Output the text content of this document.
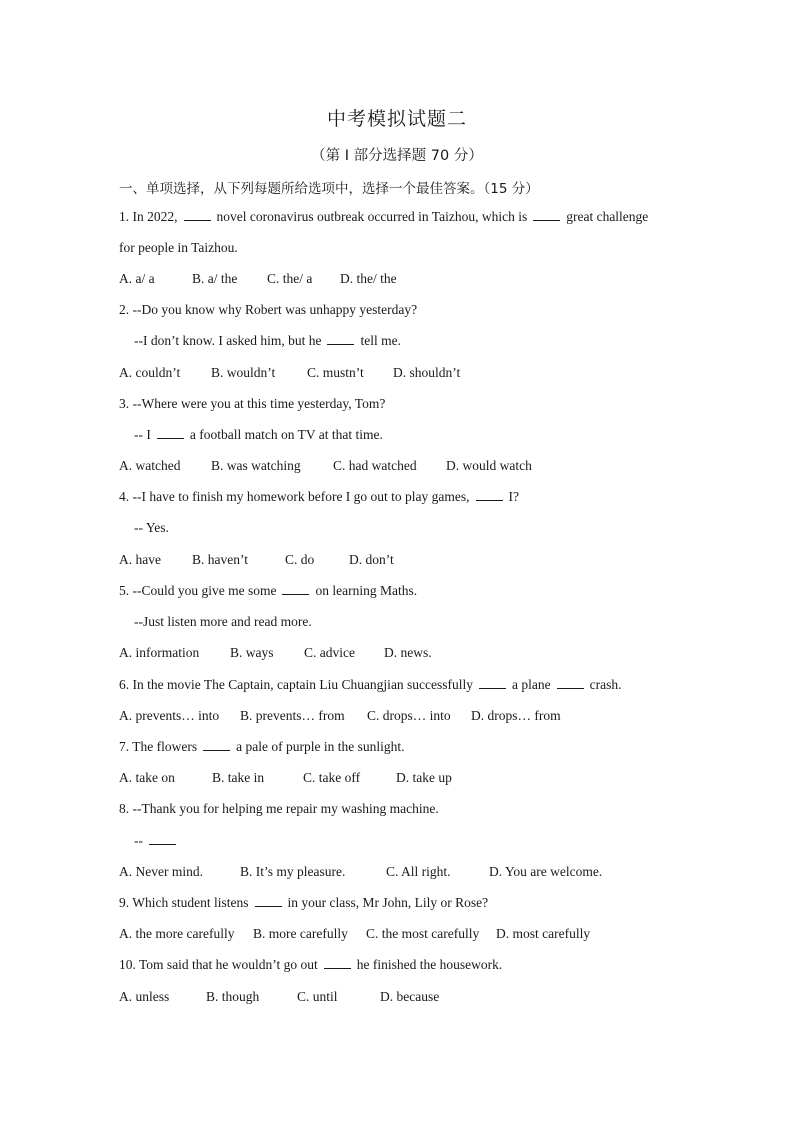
中考模拟试题二
（第 I 部分选择题 70 分）
一、单项选择，从下列每题所给选项中，选择一个最佳答案。（15 分）
1. In 2022,	novel coronavirus outbreak occurred in Taizhou, which is	great challenge
for people in Taizhou.
A. a/ a	B. a/ the C. the/ a D. the/ the
2. --Do you know why Robert was unhappy yesterday?
--I don’t know. I asked him, but he	tell me.
A. couldn’t B. wouldn’t C. mustn’t D. shouldn’t
3. --Where were you at this time yesterday, Tom?
-- I	a football match on TV at that time.
A. watched B. was watching C. had watched D. would watch
4. --I have to finish my homework before I go out to play games,	I?
-- Yes.
A. have B. haven’t	C. do	D. don’t
5. --Could you give me some	on learning Maths.
--Just listen more and read more.
A. information B. ways C. advice D. news.
6. In the movie The Captain, captain Liu Chuangjian successfully	a plane	crash.
A. prevents… into B. prevents… from C. drops… into D. drops… from
7. The flowers	a pale of purple in the sunlight.
A. take on	B. take in	C. take off	D. take up
8. --Thank you for helping me repair my washing machine.
--
A. Never mind.	B. It’s my pleasure.	C. All right.	D. You are welcome.
9. Which student listens	in your class, Mr John, Lily or Rose?
A. the more carefully B. more carefully C. the most carefully D. most carefully
10. Tom said that he wouldn’t go out	he finished the housework.
A. unless	B. though	C. until	D. because
